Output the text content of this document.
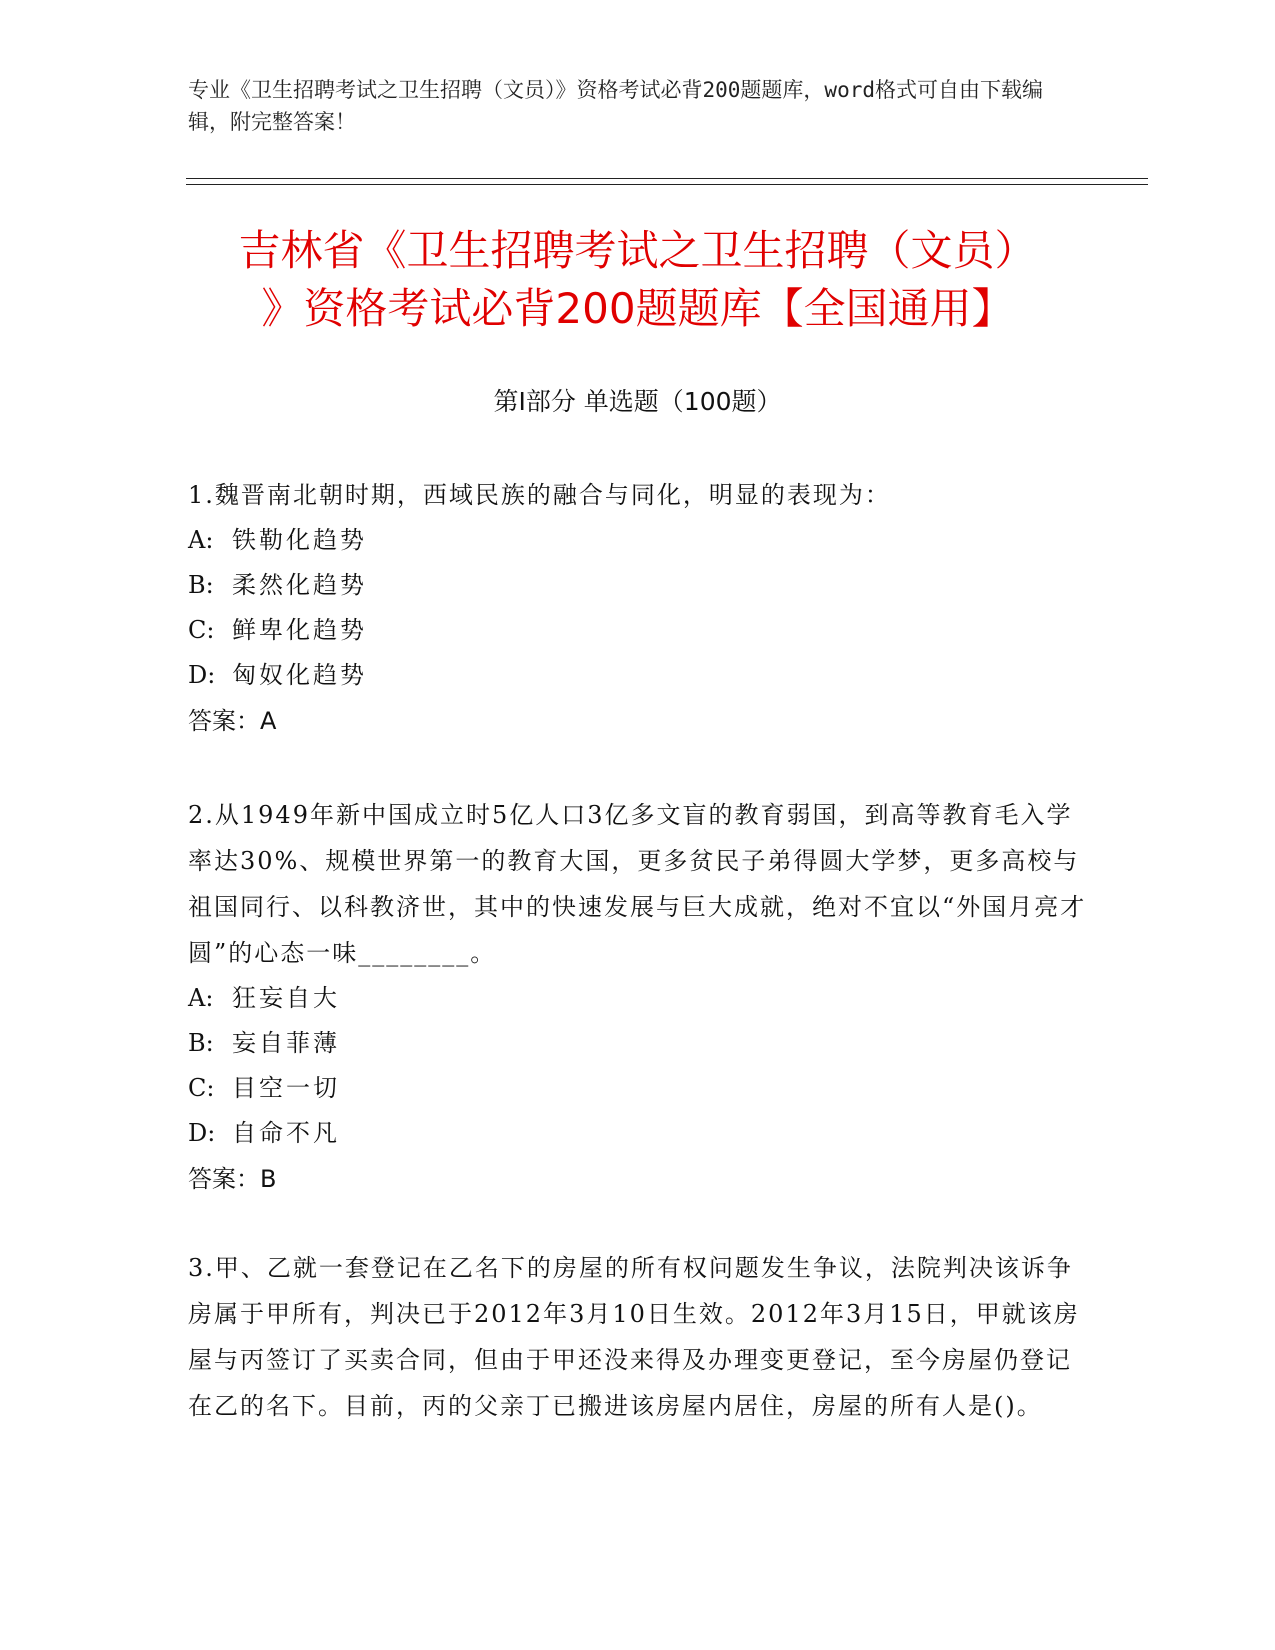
专业《卫生招聘考试之卫生招聘（文员）》资格考试必背200题题库，word格式可自由下载编辑，附完整答案！
吉林省《卫生招聘考试之卫生招聘（文员）
》资格考试必背200题题库【全国通用】
第I部分 单选题（100题）

1.魏晋南北朝时期，西域民族的融合与同化，明显的表现为：

A: 铁勒化趋势

B: 柔然化趋势

C: 鲜卑化趋势

D: 匈奴化趋势

答案：A

2.从1949年新中国成立时5亿人口3亿多文盲的教育弱国，到高等教育毛入学率达30%、规模世界第一的教育大国，更多贫民子弟得圆大学梦，更多高校与祖国同行、以科教济世，其中的快速发展与巨大成就，绝对不宜以“外国月亮才圆”的心态一味________。

A: 狂妄自大

B: 妄自菲薄

C: 目空一切

D: 自命不凡

答案：B

3.甲、乙就一套登记在乙名下的房屋的所有权问题发生争议，法院判决该诉争房属于甲所有，判决已于2012年3月10日生效。2012年3月15日，甲就该房屋与丙签订了买卖合同，但由于甲还没来得及办理变更登记，至今房屋仍登记在乙的名下。目前，丙的父亲丁已搬进该房屋内居住，房屋的所有人是()。
